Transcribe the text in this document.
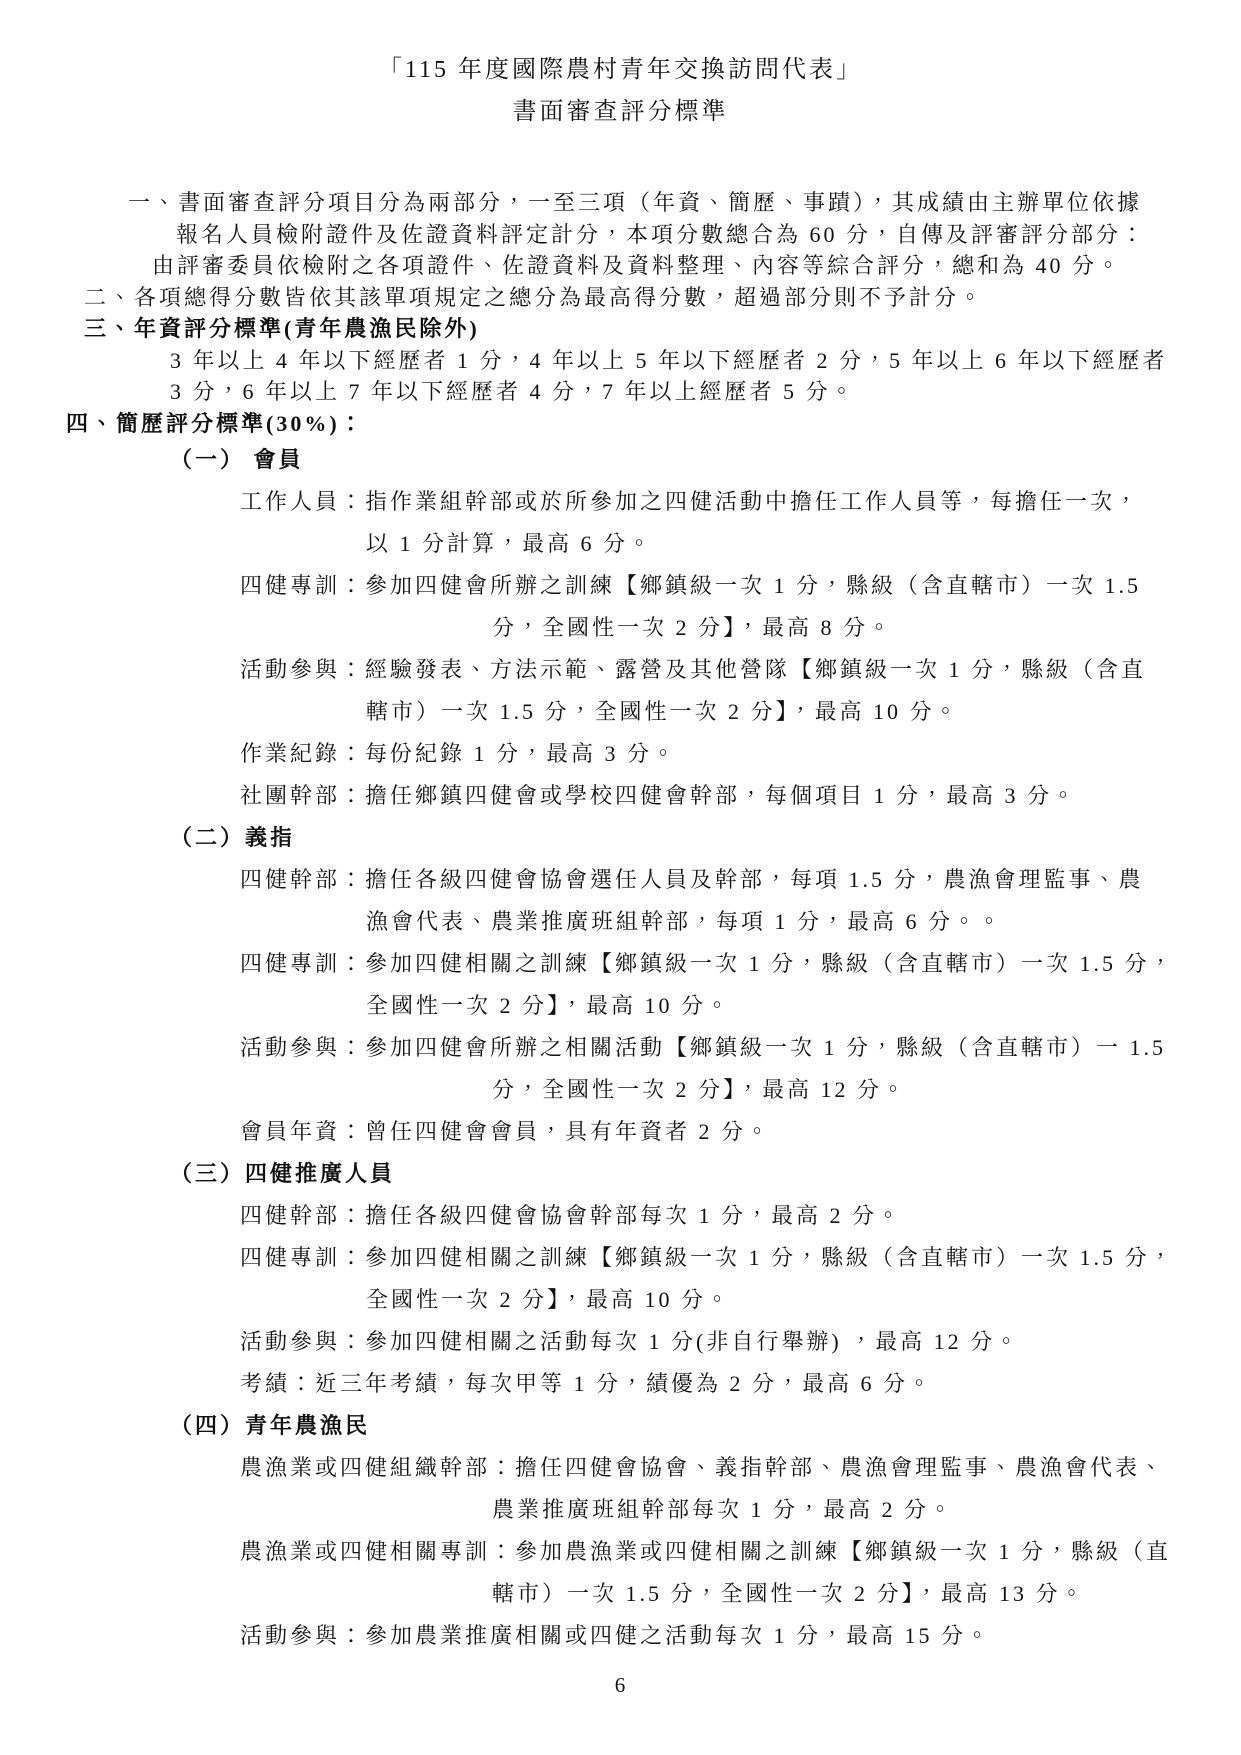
「115 年度國際農村青年交換訪問代表」
書面審查評分標準
一、書面審查評分項目分為兩部分，一至三項（年資、簡歷、事蹟），其成績由主辦單位依據
報名人員檢附證件及佐證資料評定計分，本項分數總合為 60 分，自傳及評審評分部分：
由評審委員依檢附之各項證件、佐證資料及資料整理、內容等綜合評分，總和為 40 分。
二、各項總得分數皆依其該單項規定之總分為最高得分數，超過部分則不予計分。
三、年資評分標準(青年農漁民除外)
3 年以上 4 年以下經歷者 1 分，4 年以上 5 年以下經歷者 2 分，5 年以上 6 年以下經歷者
3 分，6 年以上 7 年以下經歷者 4 分，7 年以上經歷者 5 分。
四、簡歷評分標準(30%)：
（一） 會員
工作人員：指作業組幹部或於所參加之四健活動中擔任工作人員等，每擔任一次，
以 1 分計算，最高 6 分。
四健專訓：參加四健會所辦之訓練【鄉鎮級一次 1 分，縣級（含直轄市）一次 1.5
分，全國性一次 2 分】，最高 8 分。
活動參與：經驗發表、方法示範、露營及其他營隊【鄉鎮級一次 1 分，縣級（含直
轄市）一次 1.5 分，全國性一次 2 分】，最高 10 分。
作業紀錄：每份紀錄 1 分，最高 3 分。
社團幹部：擔任鄉鎮四健會或學校四健會幹部，每個項目 1 分，最高 3 分。
（二）義指
四健幹部：擔任各級四健會協會選任人員及幹部，每項 1.5 分，農漁會理監事、農
漁會代表、農業推廣班組幹部，每項 1 分，最高 6 分。。
四健專訓：參加四健相關之訓練【鄉鎮級一次 1 分，縣級（含直轄市）一次 1.5 分，
全國性一次 2 分】，最高 10 分。
活動參與：參加四健會所辦之相關活動【鄉鎮級一次 1 分，縣級（含直轄市）一 1.5
分，全國性一次 2 分】，最高 12 分。
會員年資：曾任四健會會員，具有年資者 2 分。
（三）四健推廣人員
四健幹部：擔任各級四健會協會幹部每次 1 分，最高 2 分。
四健專訓：參加四健相關之訓練【鄉鎮級一次 1 分，縣級（含直轄市）一次 1.5 分，
全國性一次 2 分】，最高 10 分。
活動參與：參加四健相關之活動每次 1 分(非自行舉辦) ，最高 12 分。
考績：近三年考績，每次甲等 1 分，績優為 2 分，最高 6 分。
（四）青年農漁民
農漁業或四健組織幹部：擔任四健會協會、義指幹部、農漁會理監事、農漁會代表、
農業推廣班組幹部每次 1 分，最高 2 分。
農漁業或四健相關專訓：參加農漁業或四健相關之訓練【鄉鎮級一次 1 分，縣級（直
轄市）一次 1.5 分，全國性一次 2 分】，最高 13 分。
活動參與：參加農業推廣相關或四健之活動每次 1 分，最高 15 分。
6
